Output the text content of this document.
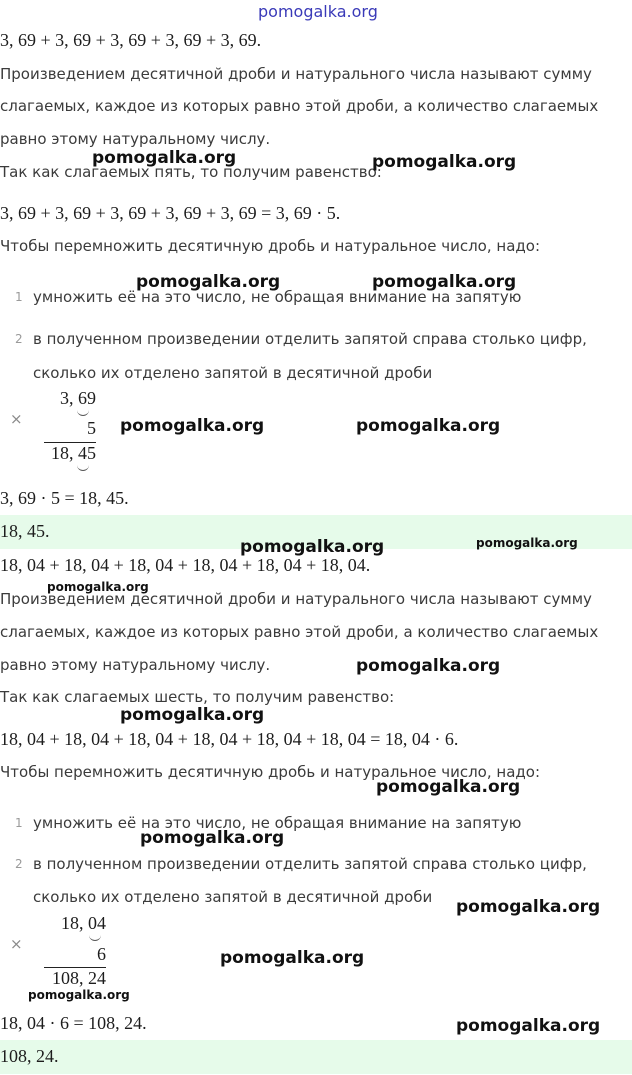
pomogalka.org
3, 69 + 3, 69 + 3, 69 + 3, 69 + 3, 69.
Произведением десятичной дроби и натурального числа называют сумму
слагаемых, каждое из которых равно этой дроби, а количество слагаемых
равно этому натуральному числу.
Так как слагаемых пять, то получим равенство:
3, 69 + 3, 69 + 3, 69 + 3, 69 + 3, 69 = 3, 69 · 5.
Чтобы перемножить десятичную дробь и натуральное число, надо:
1 умножить её на это число, не обращая внимание на запятую
2 в полученном произведении отделить запятой справа столько цифр,
сколько их отделено запятой в десятичной дроби
×
3, 69
5
18, 45
3, 69 · 5 = 18, 45.
18, 45.
18, 04 + 18, 04 + 18, 04 + 18, 04 + 18, 04 + 18, 04.
Произведением десятичной дроби и натурального числа называют сумму
слагаемых, каждое из которых равно этой дроби, а количество слагаемых
равно этому натуральному числу.
Так как слагаемых шесть, то получим равенство:
18, 04 + 18, 04 + 18, 04 + 18, 04 + 18, 04 + 18, 04 = 18, 04 · 6.
Чтобы перемножить десятичную дробь и натуральное число, надо:
1 умножить её на это число, не обращая внимание на запятую
2 в полученном произведении отделить запятой справа столько цифр,
сколько их отделено запятой в десятичной дроби
×
18, 04
6
108, 24
18, 04 · 6 = 108, 24.
108, 24.
pomogalka.org	pomogalka.org
pomogalka.org	pomogalka.org
pomogalka.org	pomogalka.org
pomogalka.org	pomogalka.org
pomogalka.org
pomogalka.org
pomogalka.org
pomogalka.org
pomogalka.org
pomogalka.org
pomogalka.org
pomogalka.org
pomogalka.org
